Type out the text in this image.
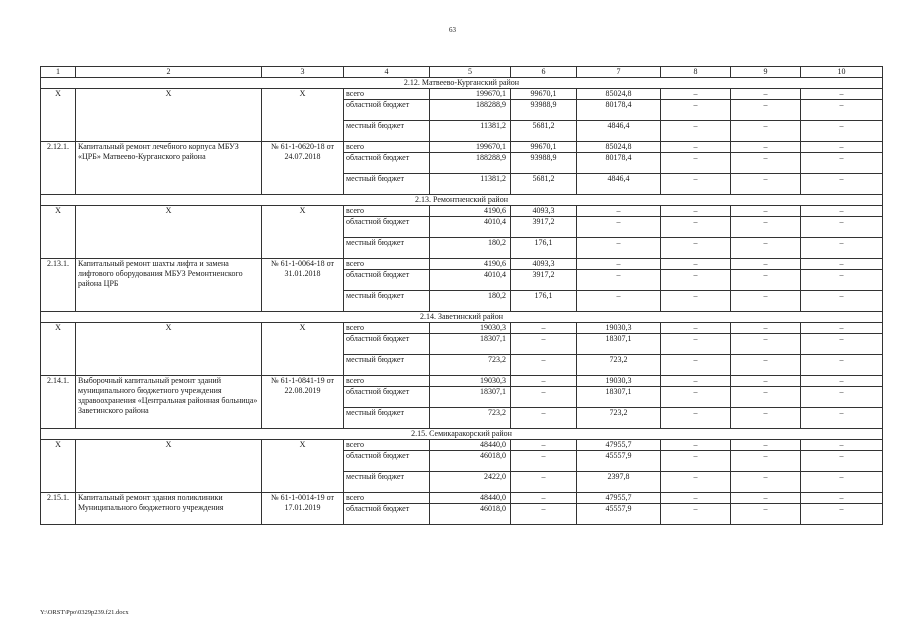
63
1	2	3	4	5	6	7	8	9	10
2.12. Матвеево-Курганский район									
X	X	X	всего	199670,1	99670,1	85024,8	–	–	–
			областной бюджет	188288,9	93988,9	80178,4	–	–	–
			местный бюджет	11381,2	5681,2	4846,4	–	–	–
2.12.1.	Капитальный ремонт лечебного корпуса МБУЗ «ЦРБ» Матвеево-Курганского района	№ 61-1-0620-18 от 24.07.2018	всего	199670,1	99670,1	85024,8	–	–	–
			областной бюджет	188288,9	93988,9	80178,4	–	–	–
			местный бюджет	11381,2	5681,2	4846,4	–	–	–
2.13. Ремонтненский район									
X	X	X	всего	4190,6	4093,3	–	–	–	–
			областной бюджет	4010,4	3917,2	–	–	–	–
			местный бюджет	180,2	176,1	–	–	–	–
2.13.1.	Капитальный ремонт шахты лифта и замена лифтового оборудования МБУЗ Ремонтненского района ЦРБ	№ 61-1-0064-18 от 31.01.2018	всего	4190,6	4093,3	–	–	–	–
			областной бюджет	4010,4	3917,2	–	–	–	–
			местный бюджет	180,2	176,1	–	–	–	–
2.14. Заветинский район									
X	X	X	всего	19030,3	–	19030,3	–	–	–
			областной бюджет	18307,1	–	18307,1	–	–	–
			местный бюджет	723,2	–	723,2	–	–	–
2.14.1.	Выборочный капитальный ремонт зданий муниципального бюджетного учреждения здравоохранения «Центральная районная больница» Заветинского района	№ 61-1-0841-19 от 22.08.2019	всего	19030,3	–	19030,3	–	–	–
			областной бюджет	18307,1	–	18307,1	–	–	–
			местный бюджет	723,2	–	723,2	–	–	–
2.15. Семикаракорский район									
X	X	X	всего	48440,0	–	47955,7	–	–	–
			областной бюджет	46018,0	–	45557,9	–	–	–
			местный бюджет	2422,0	–	2397,8	–	–	–
2.15.1.	Капитальный ремонт здания поликлиники Муниципального бюджетного учреждения	№ 61-1-0014-19 от 17.01.2019	всего	48440,0	–	47955,7	–	–	–
			областной бюджет	46018,0	–	45557,9	–	–	–
Y:\ORST\Ppo\0329p239.f21.docx
